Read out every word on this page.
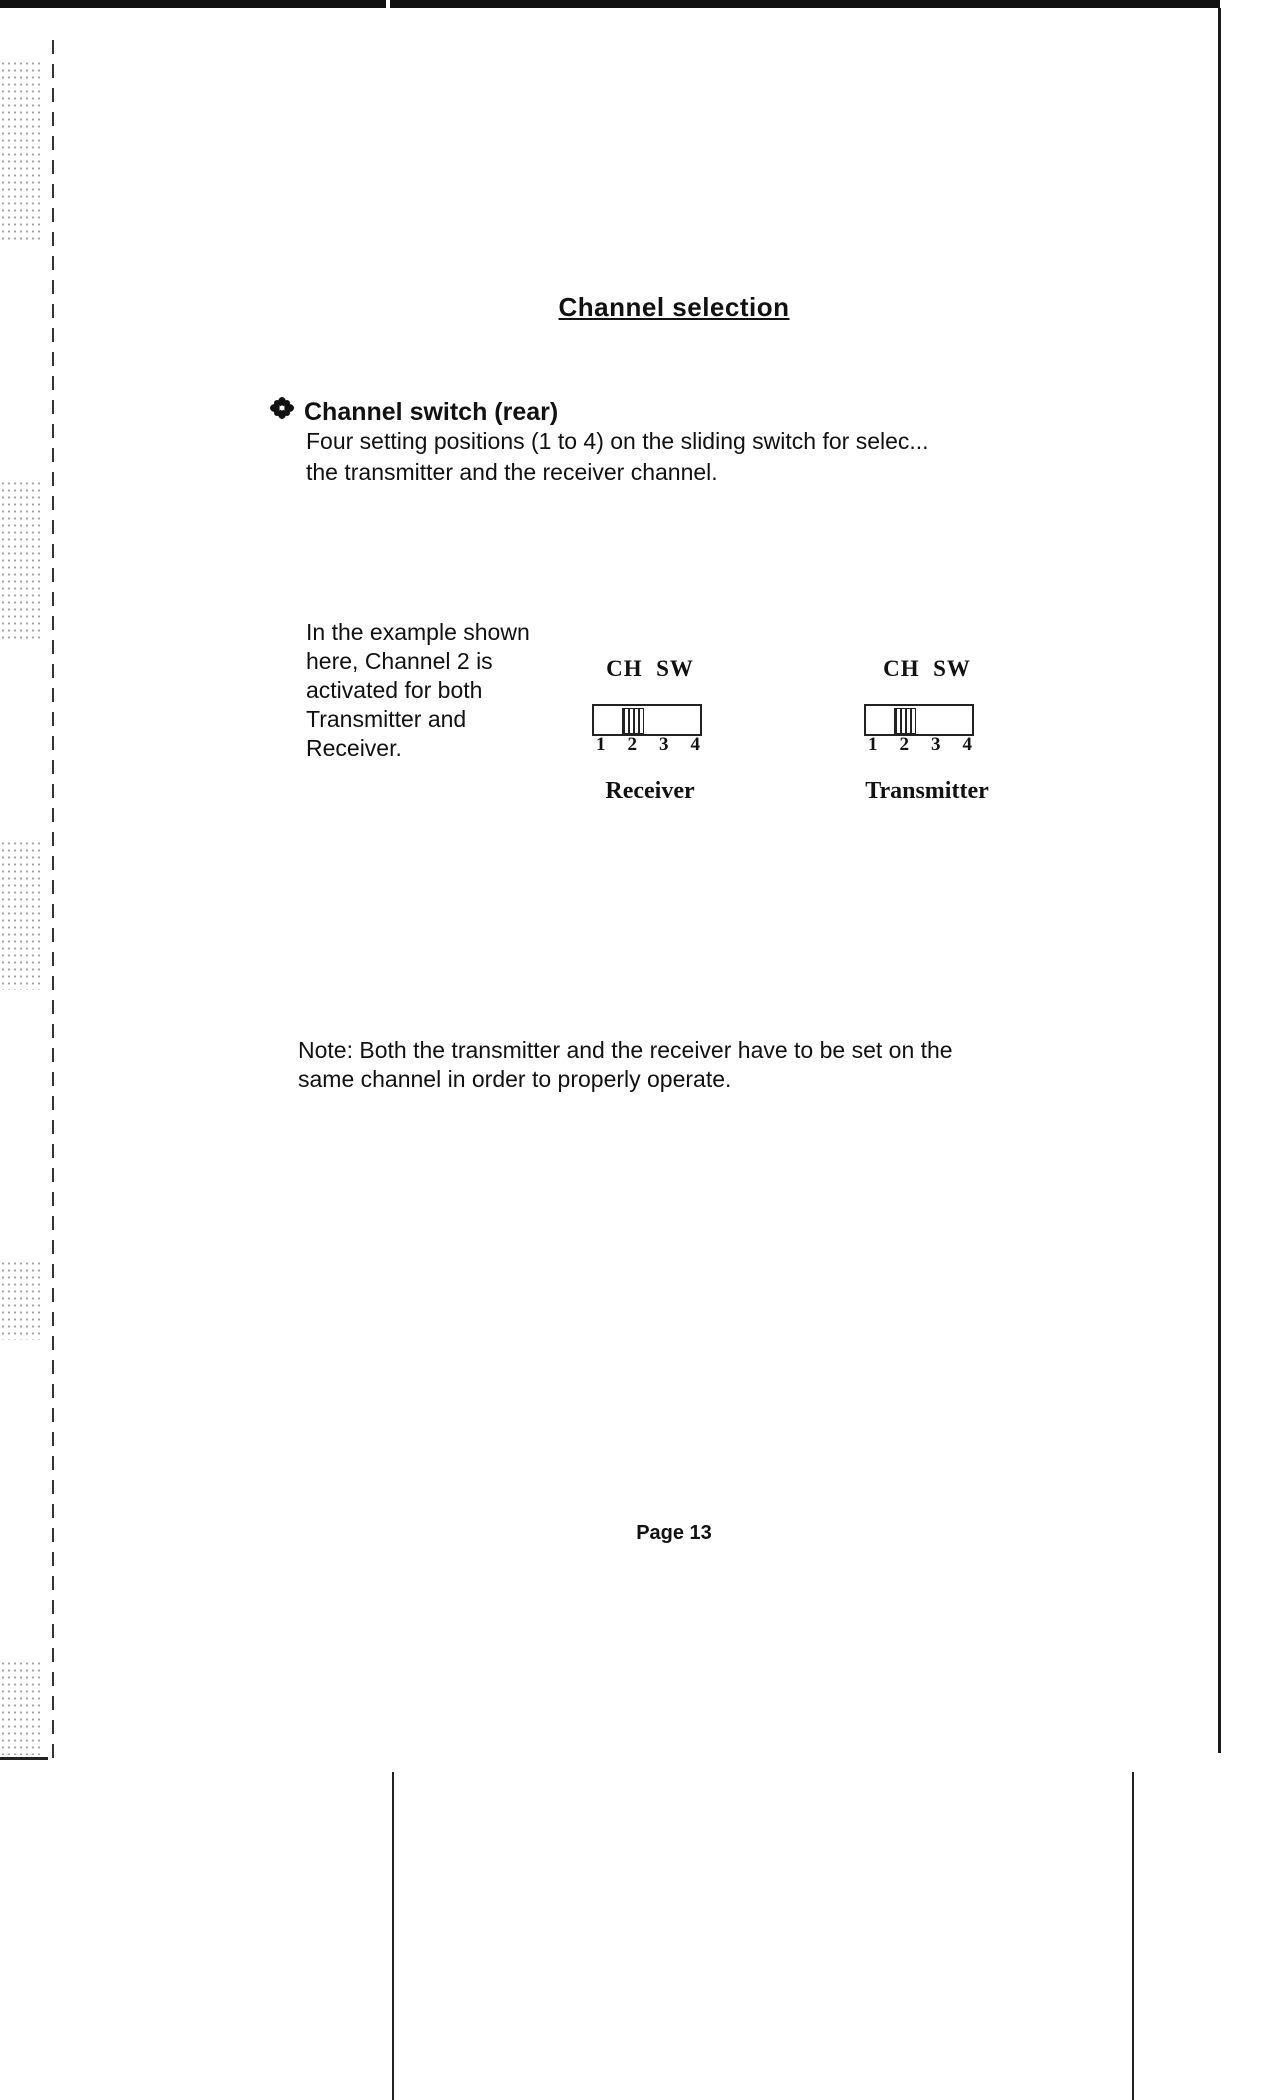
Channel selection
Channel switch (rear)
Four setting positions (1 to 4) on the sliding switch for selec...
the transmitter and the receiver channel.
In the example shown
here, Channel 2 is
activated for both
Transmitter and
Receiver.
CH SW
1 2 3 4
Receiver
CH SW
1 2 3 4
Transmitter
Note: Both the transmitter and the receiver have to be set on the
same channel in order to properly operate.
Page 13
